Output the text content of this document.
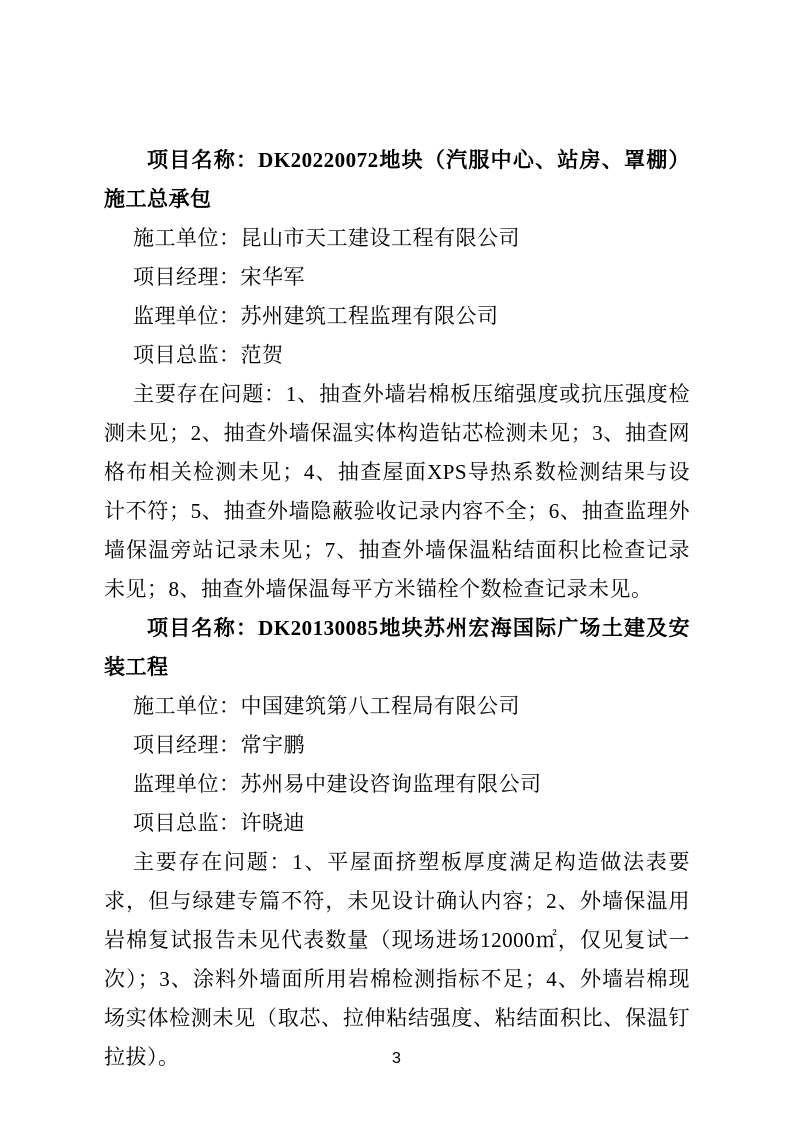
项目名称：DK20220072地块（汽服中心、站房、罩棚）施工总承包

施工单位：昆山市天工建设工程有限公司

项目经理：宋华军

监理单位：苏州建筑工程监理有限公司

项目总监：范贺

主要存在问题：1、抽查外墙岩棉板压缩强度或抗压强度检测未见；2、抽查外墙保温实体构造钻芯检测未见；3、抽查网格布相关检测未见；4、抽查屋面XPS导热系数检测结果与设计不符；5、抽查外墙隐蔽验收记录内容不全；6、抽查监理外墙保温旁站记录未见；7、抽查外墙保温粘结面积比检查记录未见；8、抽查外墙保温每平方米锚栓个数检查记录未见。

项目名称：DK20130085地块苏州宏海国际广场土建及安装工程

施工单位：中国建筑第八工程局有限公司

项目经理：常宇鹏

监理单位：苏州易中建设咨询监理有限公司

项目总监：许晓迪

主要存在问题：1、平屋面挤塑板厚度满足构造做法表要求，但与绿建专篇不符，未见设计确认内容；2、外墙保温用岩棉复试报告未见代表数量（现场进场12000㎡，仅见复试一次）；3、涂料外墙面所用岩棉检测指标不足；4、外墙岩棉现场实体检测未见（取芯、拉伸粘结强度、粘结面积比、保温钉拉拔）。	3
